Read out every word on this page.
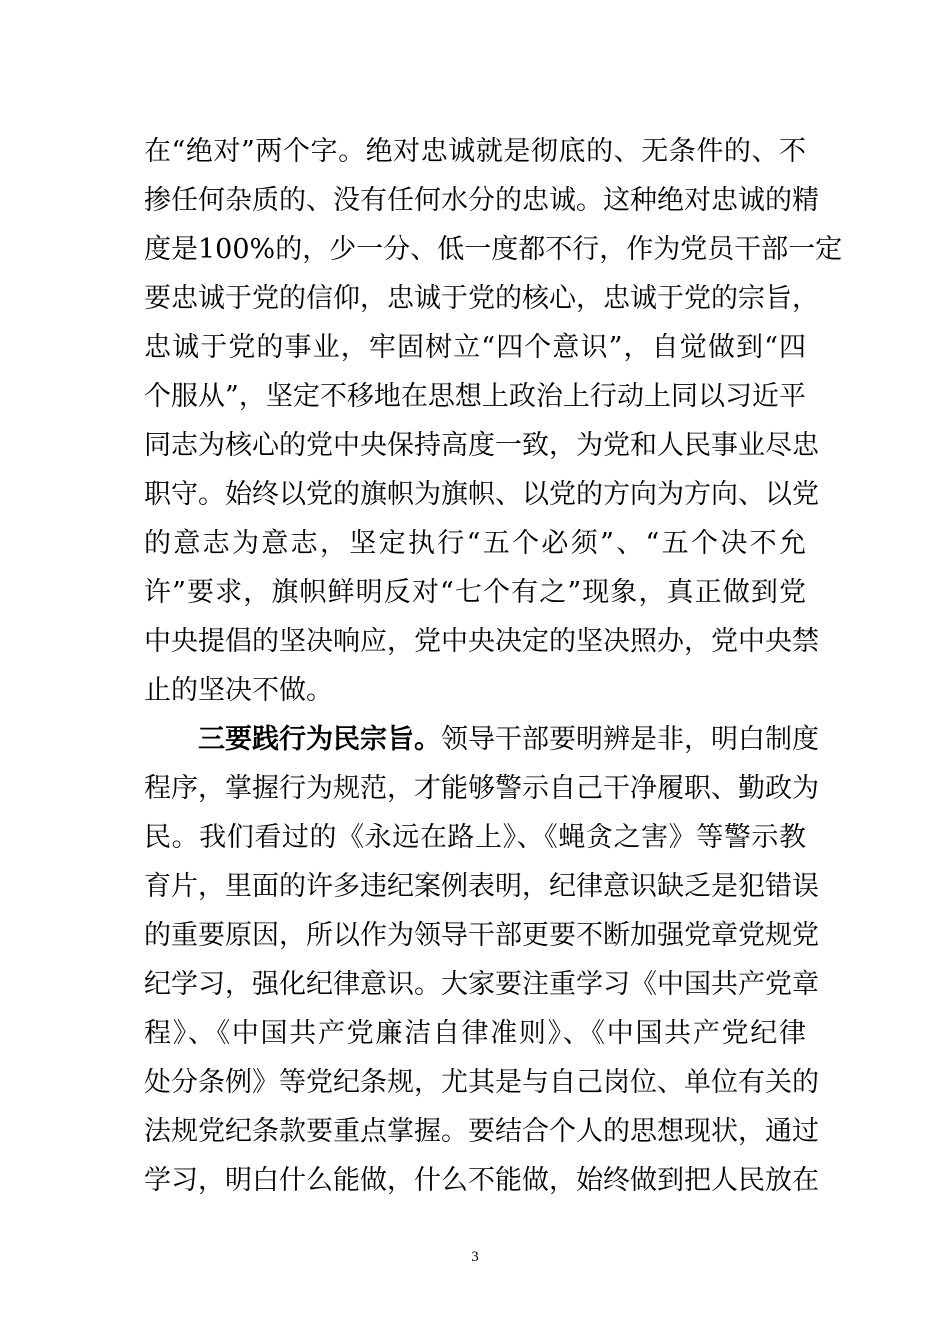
在“绝对”两个字。绝对忠诚就是彻底的、无条件的、不
掺任何杂质的、没有任何水分的忠诚。这种绝对忠诚的精
度是100%的，少一分、低一度都不行，作为党员干部一定
要忠诚于党的信仰，忠诚于党的核心，忠诚于党的宗旨，
忠诚于党的事业，牢固树立“四个意识”，自觉做到“四
个服从”，坚定不移地在思想上政治上行动上同以习近平
同志为核心的党中央保持高度一致，为党和人民事业尽忠
职守。始终以党的旗帜为旗帜、以党的方向为方向、以党
的意志为意志，坚定执行“五个必须”、“五个决不允
许”要求，旗帜鲜明反对“七个有之”现象，真正做到党
中央提倡的坚决响应，党中央决定的坚决照办，党中央禁
止的坚决不做。
三要践行为民宗旨。领导干部要明辨是非，明白制度
程序，掌握行为规范，才能够警示自己干净履职、勤政为
民。我们看过的《永远在路上》、《蝇贪之害》等警示教
育片，里面的许多违纪案例表明，纪律意识缺乏是犯错误
的重要原因，所以作为领导干部更要不断加强党章党规党
纪学习，强化纪律意识。大家要注重学习《中国共产党章
程》、《中国共产党廉洁自律准则》、《中国共产党纪律
处分条例》等党纪条规，尤其是与自己岗位、单位有关的
法规党纪条款要重点掌握。要结合个人的思想现状，通过
学习，明白什么能做，什么不能做，始终做到把人民放在
3
